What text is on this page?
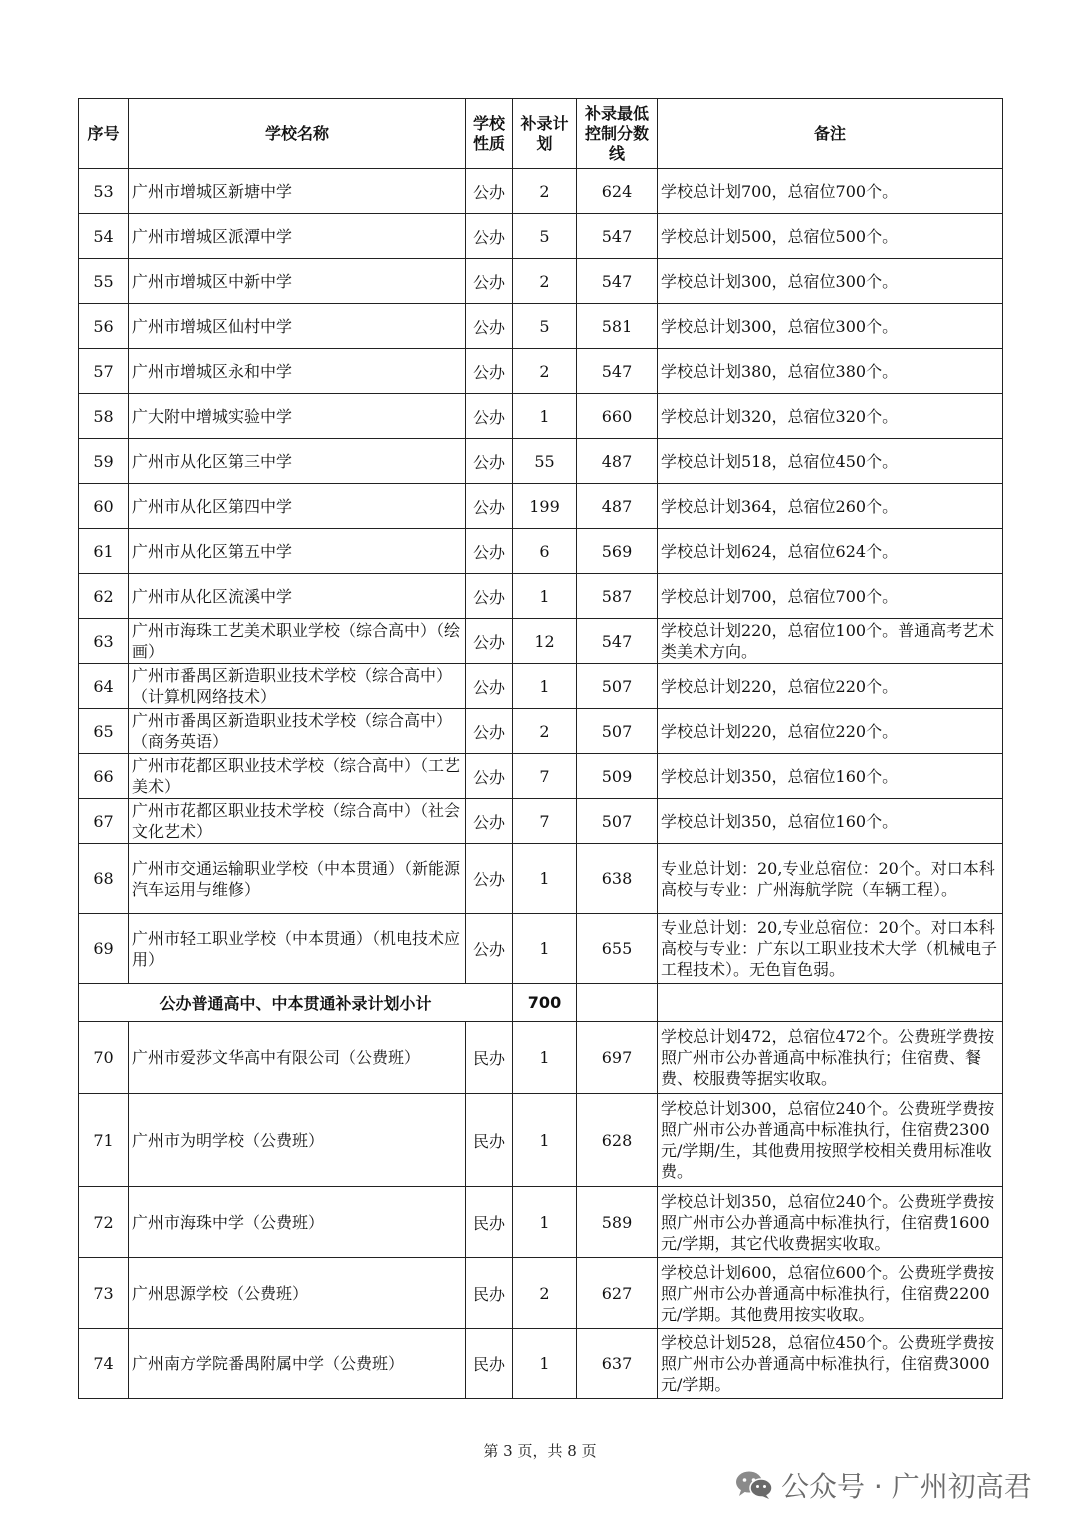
序号	学校名称	学校性质	补录计划	补录最低控制分数线	备注
53	广州市增城区新塘中学	公办	2	624	学校总计划700，总宿位700个。
54	广州市增城区派潭中学	公办	5	547	学校总计划500，总宿位500个。
55	广州市增城区中新中学	公办	2	547	学校总计划300，总宿位300个。
56	广州市增城区仙村中学	公办	5	581	学校总计划300，总宿位300个。
57	广州市增城区永和中学	公办	2	547	学校总计划380，总宿位380个。
58	广大附中增城实验中学	公办	1	660	学校总计划320，总宿位320个。
59	广州市从化区第三中学	公办	55	487	学校总计划518，总宿位450个。
60	广州市从化区第四中学	公办	199	487	学校总计划364，总宿位260个。
61	广州市从化区第五中学	公办	6	569	学校总计划624，总宿位624个。
62	广州市从化区流溪中学	公办	1	587	学校总计划700，总宿位700个。
63	广州市海珠工艺美术职业学校（综合高中）（绘画）	公办	12	547	学校总计划220，总宿位100个。普通高考艺术类美术方向。
64	广州市番禺区新造职业技术学校（综合高中）（计算机网络技术）	公办	1	507	学校总计划220，总宿位220个。
65	广州市番禺区新造职业技术学校（综合高中）（商务英语）	公办	2	507	学校总计划220，总宿位220个。
66	广州市花都区职业技术学校（综合高中）（工艺美术）	公办	7	509	学校总计划350，总宿位160个。
67	广州市花都区职业技术学校（综合高中）（社会文化艺术）	公办	7	507	学校总计划350，总宿位160个。
68	广州市交通运输职业学校（中本贯通）（新能源汽车运用与维修）	公办	1	638	专业总计划：20,专业总宿位：20个。对口本科高校与专业：广州海航学院（车辆工程）。
69	广州市轻工职业学校（中本贯通）（机电技术应用）	公办	1	655	专业总计划：20,专业总宿位：20个。对口本科高校与专业：广东以工职业技术大学（机械电子工程技术）。无色盲色弱。
公办普通高中、中本贯通补录计划小计			700		
70	广州市爱莎文华高中有限公司（公费班）	民办	1	697	学校总计划472，总宿位472个。公费班学费按照广州市公办普通高中标准执行；住宿费、餐费、校服费等据实收取。
71	广州市为明学校（公费班）	民办	1	628	学校总计划300，总宿位240个。公费班学费按照广州市公办普通高中标准执行，住宿费2300元/学期/生，其他费用按照学校相关费用标准收费。
72	广州市海珠中学（公费班）	民办	1	589	学校总计划350，总宿位240个。公费班学费按照广州市公办普通高中标准执行，住宿费1600元/学期，其它代收费据实收取。
73	广州思源学校（公费班）	民办	2	627	学校总计划600，总宿位600个。公费班学费按照广州市公办普通高中标准执行，住宿费2200元/学期。其他费用按实收取。
74	广州南方学院番禺附属中学（公费班）	民办	1	637	学校总计划528，总宿位450个。公费班学费按照广州市公办普通高中标准执行，住宿费3000元/学期。
第 3 页，共 8 页
公众号 · 广州初高君
